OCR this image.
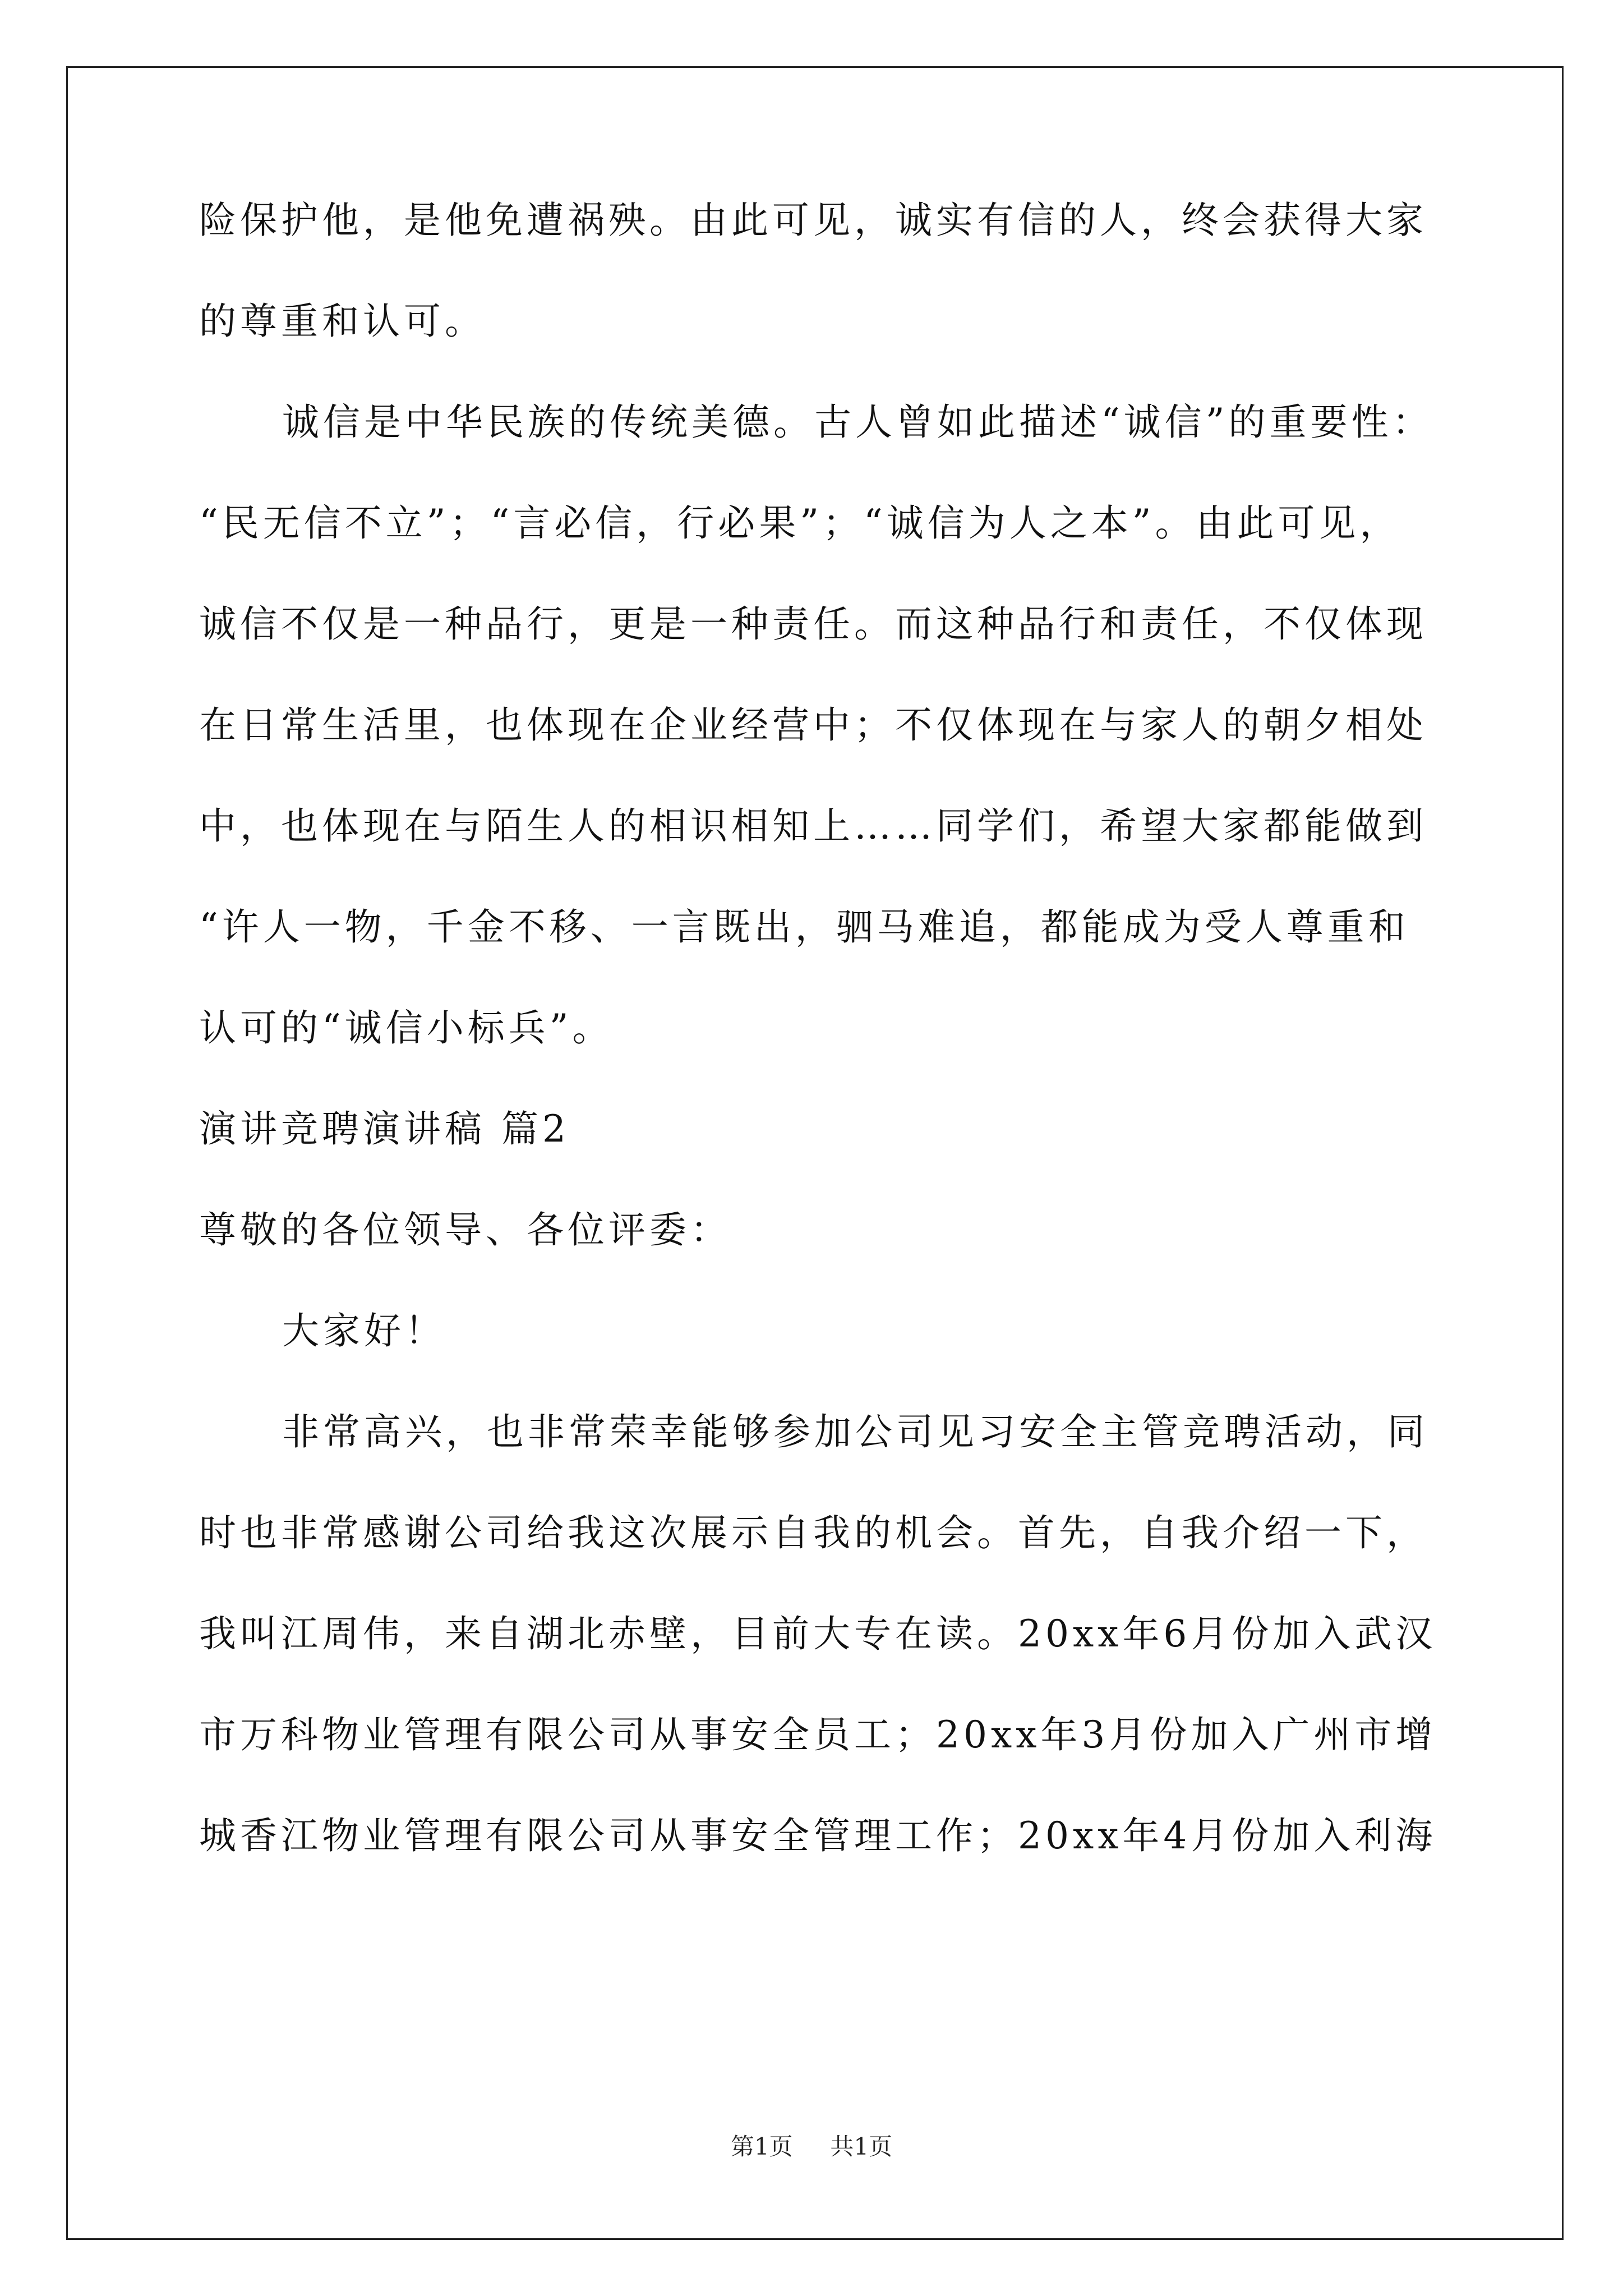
险保护他，是他免遭祸殃。由此可见，诚实有信的人，终会获得大家

的尊重和认可。

诚信是中华民族的传统美德。古人曾如此描述“诚信”的重要性：

“民无信不立”；“言必信，行必果”；“诚信为人之本”。由此可见，

诚信不仅是一种品行，更是一种责任。而这种品行和责任，不仅体现

在日常生活里，也体现在企业经营中；不仅体现在与家人的朝夕相处

中，也体现在与陌生人的相识相知上……同学们，希望大家都能做到

“许人一物，千金不移、一言既出，驷马难追，都能成为受人尊重和

认可的“诚信小标兵”。

演讲竞聘演讲稿 篇2

尊敬的各位领导、各位评委：

大家好！

非常高兴，也非常荣幸能够参加公司见习安全主管竞聘活动，同

时也非常感谢公司给我这次展示自我的机会。首先，自我介绍一下，

我叫江周伟，来自湖北赤壁，目前大专在读。20xx年6月份加入武汉

市万科物业管理有限公司从事安全员工；20xx年3月份加入广州市增

城香江物业管理有限公司从事安全管理工作；20xx年4月份加入利海

第1页 共1页
